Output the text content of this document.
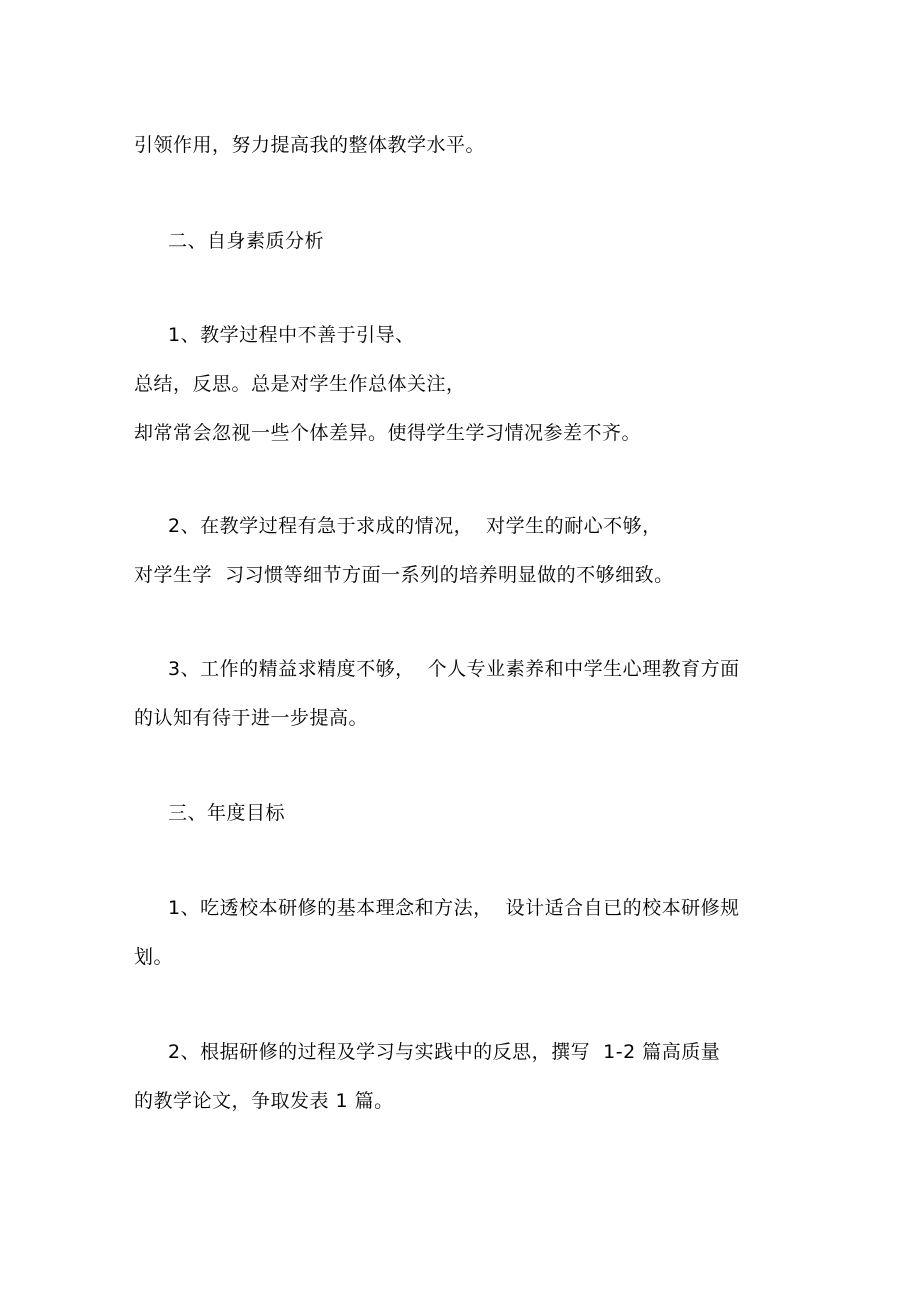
引领作用，努力提高我的整体教学水平。
二、自身素质分析
1、教学过程中不善于引导、
总结，反思。总是对学生作总体关注，
却常常会忽视一些个体差异。使得学生学习情况参差不齐。
2、在教学过程有急于求成的情况，  对学生的耐心不够，
对学生学  习习惯等细节方面一系列的培养明显做的不够细致。
3、工作的精益求精度不够，  个人专业素养和中学生心理教育方面
的认知有待于进一步提高。
三、年度目标
1、吃透校本研修的基本理念和方法，  设计适合自已的校本研修规
划。
2、根据研修的过程及学习与实践中的反思，撰写  1-2 篇高质量
的教学论文，争取发表 1 篇。
